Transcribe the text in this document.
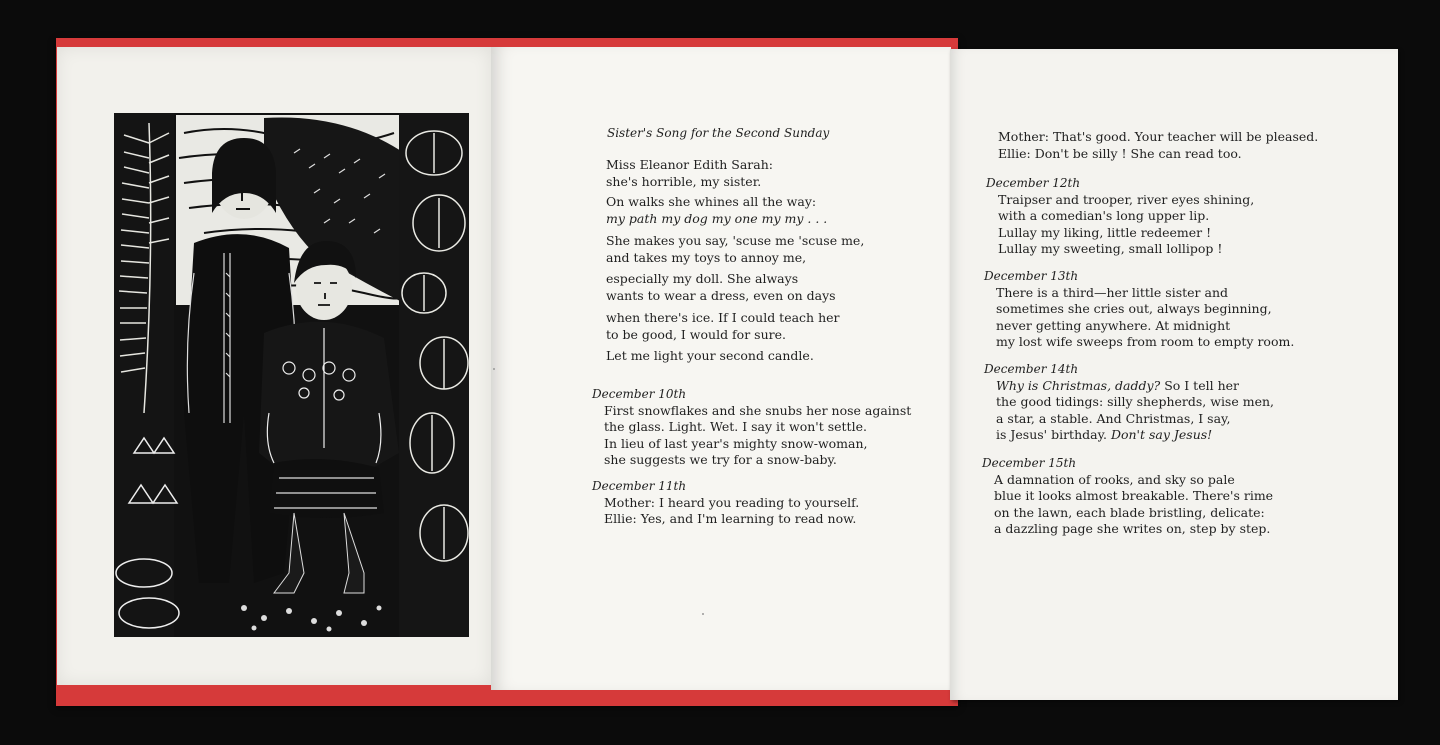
Sister's Song for the Second Sunday
Miss Eleanor Edith Sarah:
she's horrible, my sister.
On walks she whines all the way:
my path my dog my one my my . . .
She makes you say, 'scuse me 'scuse me,
and takes my toys to annoy me,
especially my doll. She always
wants to wear a dress, even on days
when there's ice. If I could teach her
to be good, I would for sure.
Let me light your second candle.
December 10th
First snowflakes and she snubs her nose against
the glass. Light. Wet. I say it won't settle.
In lieu of last year's mighty snow-woman,
she suggests we try for a snow-baby.
December 11th
Mother: I heard you reading to yourself.
Ellie: Yes, and I'm learning to read now.
Mother: That's good. Your teacher will be pleased.
Ellie: Don't be silly ! She can read too.
December 12th
Traipser and trooper, river eyes shining,
with a comedian's long upper lip.
Lullay my liking, little redeemer !
Lullay my sweeting, small lollipop !
December 13th
There is a third—her little sister and
sometimes she cries out, always beginning,
never getting anywhere. At midnight
my lost wife sweeps from room to empty room.
December 14th
Why is Christmas, daddy? So I tell her
the good tidings: silly shepherds, wise men,
a star, a stable. And Christmas, I say,
is Jesus' birthday. Don't say Jesus!
December 15th
A damnation of rooks, and sky so pale
blue it looks almost breakable. There's rime
on the lawn, each blade bristling, delicate:
a dazzling page she writes on, step by step.
